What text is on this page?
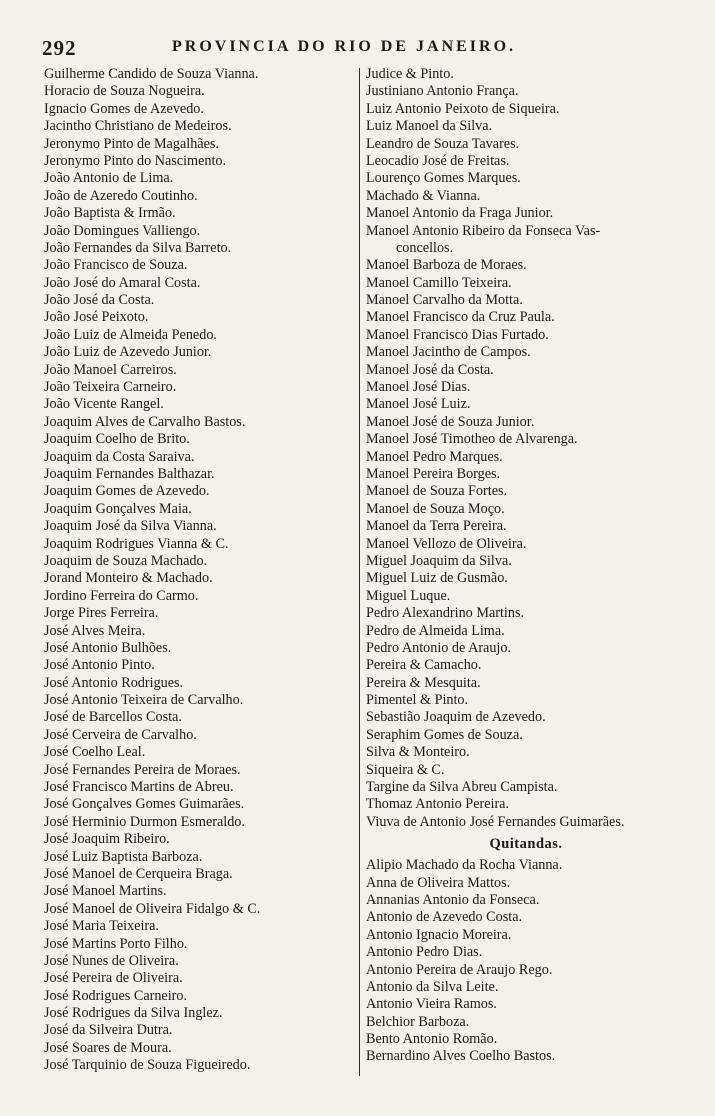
292	PROVINCIA DO RIO DE JANEIRO.
Guilherme Candido de Souza Vianna.
Horacio de Souza Nogueira.
Ignacio Gomes de Azevedo.
Jacintho Christiano de Medeiros.
Jeronymo Pinto de Magalhães.
Jeronymo Pinto do Nascimento.
João Antonio de Lima.
João de Azeredo Coutinho.
João Baptista & Irmão.
João Domingues Valliengo.
João Fernandes da Silva Barreto.
João Francisco de Souza.
João José do Amaral Costa.
João José da Costa.
João José Peixoto.
João Luiz de Almeida Penedo.
João Luiz de Azevedo Junior.
João Manoel Carreiros.
João Teixeira Carneiro.
João Vicente Rangel.
Joaquim Alves de Carvalho Bastos.
Joaquim Coelho de Brito.
Joaquim da Costa Saraiva.
Joaquim Fernandes Balthazar.
Joaquim Gomes de Azevedo.
Joaquim Gonçalves Maia.
Joaquim José da Silva Vianna.
Joaquim Rodrigues Vianna & C.
Joaquim de Souza Machado.
Jorand Monteiro & Machado.
Jordino Ferreira do Carmo.
Jorge Pires Ferreira.
José Alves Meira.
José Antonio Bulhões.
José Antonio Pinto.
José Antonio Rodrigues.
José Antonio Teixeira de Carvalho.
José de Barcellos Costa.
José Cerveira de Carvalho.
José Coelho Leal.
José Fernandes Pereira de Moraes.
José Francisco Martins de Abreu.
José Gonçalves Gomes Guimarães.
José Herminio Durmon Esmeraldo.
José Joaquim Ribeiro.
José Luiz Baptista Barboza.
José Manoel de Cerqueira Braga.
José Manoel Martins.
José Manoel de Oliveira Fidalgo & C.
José Maria Teixeira.
José Martins Porto Filho.
José Nunes de Oliveira.
José Pereira de Oliveira.
José Rodrigues Carneiro.
José Rodrigues da Silva Inglez.
José da Silveira Dutra.
José Soares de Moura.
José Tarquinio de Souza Figueiredo.
Judice & Pinto.
Justiniano Antonio França.
Luiz Antonio Peixoto de Siqueira.
Luiz Manoel da Silva.
Leandro de Souza Tavares.
Leocadio José de Freitas.
Lourenço Gomes Marques.
Machado & Vianna.
Manoel Antonio da Fraga Junior.
Manoel Antonio Ribeiro da Fonseca Vas-
concellos.
Manoel Barboza de Moraes.
Manoel Camillo Teixeira.
Manoel Carvalho da Motta.
Manoel Francisco da Cruz Paula.
Manoel Francisco Dias Furtado.
Manoel Jacintho de Campos.
Manoel José da Costa.
Manoel José Dias.
Manoel José Luiz.
Manoel José de Souza Junior.
Manoel José Timotheo de Alvarenga.
Manoel Pedro Marques.
Manoel Pereira Borges.
Manoel de Souza Fortes.
Manoel de Souza Moço.
Manoel da Terra Pereira.
Manoel Vellozo de Oliveira.
Miguel Joaquim da Silva.
Miguel Luiz de Gusmão.
Miguel Luque.
Pedro Alexandrino Martins.
Pedro de Almeida Lima.
Pedro Antonio de Araujo.
Pereira & Camacho.
Pereira & Mesquita.
Pimentel & Pinto.
Sebastião Joaquim de Azevedo.
Seraphim Gomes de Souza.
Silva & Monteiro.
Siqueira & C.
Targine da Silva Abreu Campista.
Thomaz Antonio Pereira.
Viuva de Antonio José Fernandes Guimarães.
Quitandas.
Alipio Machado da Rocha Vianna.
Anna de Oliveira Mattos.
Annanias Antonio da Fonseca.
Antonio de Azevedo Costa.
Antonio Ignacio Moreira.
Antonio Pedro Dias.
Antonio Pereira de Araujo Rego.
Antonio da Silva Leite.
Antonio Vieira Ramos.
Belchior Barboza.
Bento Antonio Romão.
Bernardino Alves Coelho Bastos.
